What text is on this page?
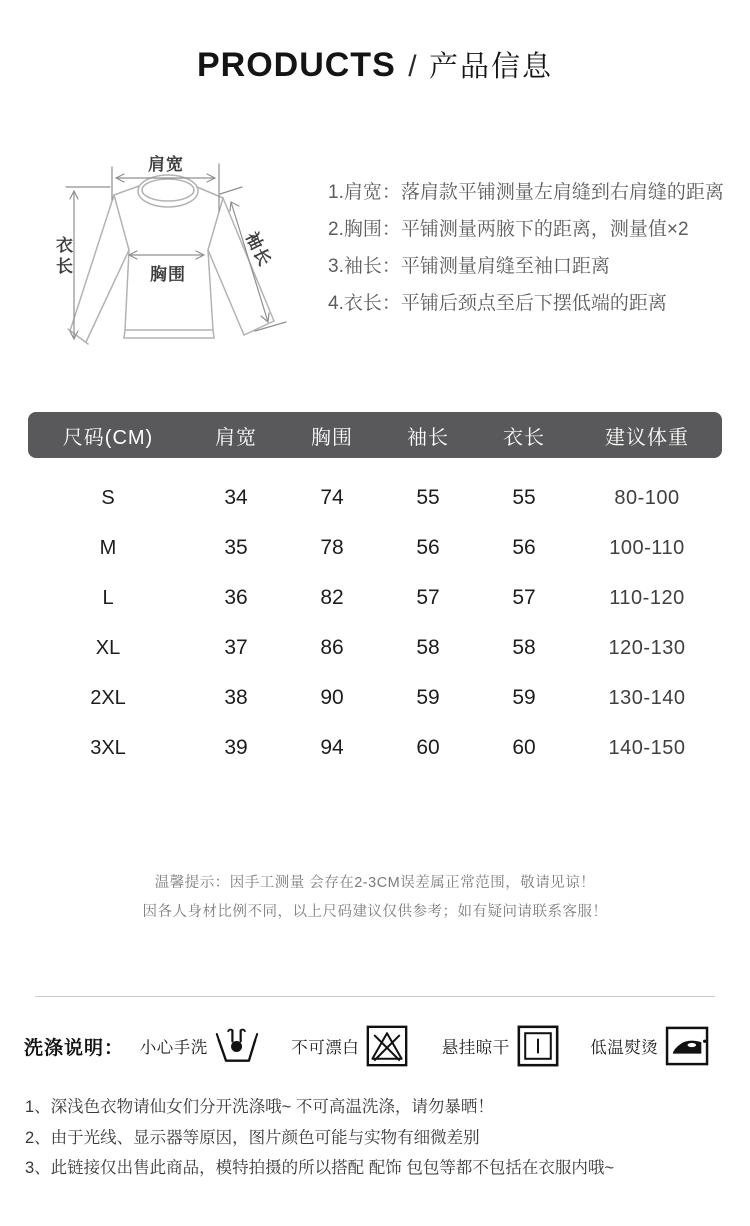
PRODUCTS / 产品信息
肩宽
胸围
衣长	袖长
1.肩宽：落肩款平铺测量左肩缝到右肩缝的距离
2.胸围：平铺测量两腋下的距离，测量值×2
3.袖长：平铺测量肩缝至袖口距离
4.衣长：平铺后颈点至后下摆低端的距离
尺码(CM)	肩宽	胸围	袖长	衣长	建议体重
S	34	74	55	55	80-100
M	35	78	56	56	100-110
L	36	82	57	57	110-120
XL	37	86	58	58	120-130
2XL	38	90	59	59	130-140
3XL	39	94	60	60	140-150
温馨提示：因手工测量 会存在2-3CM误差属正常范围，敬请见谅！
因各人身材比例不同，以上尺码建议仅供参考；如有疑问请联系客服！
洗涤说明： 小心手洗	不可漂白	悬挂晾干	低温熨烫
1、深浅色衣物请仙女们分开洗涤哦~ 不可高温洗涤，请勿暴晒！
2、由于光线、显示器等原因，图片颜色可能与实物有细微差别
3、此链接仅出售此商品，模特拍摄的所以搭配 配饰 包包等都不包括在衣服内哦~
